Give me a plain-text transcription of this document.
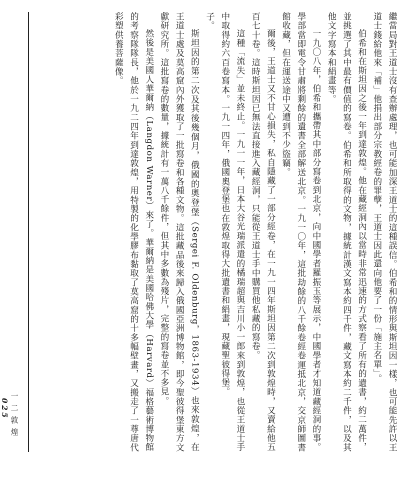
繼當局對王道士沒有查辦處理，也可能加深王道士的這種誤信。伯希和的情形與斯坦因一樣，也可能先許以王道士錢給他來「補」他捐出部分宗教經卷的罪孽，王道士因此還向他要了一份「施主名單」。

伯希和在斯坦因之後一年到達敦煌。他在藏經洞內以當時非常迅速的方式察看了所有的遺書，約二萬件，並挑選了其中最有價值的寫卷。伯希和所取得的文物，據統計漢文寫本約四千件，藏文寫本約二千件，以及其他文字寫本和絹畫等。

一九〇八年，伯希和攜帶其中部分寫卷到北京，向中國學者羅振玉等展示，中國學者才知道藏經洞的事。學部當即電令甘肅將剩餘的遺書全部解送北京。一九一〇年，這批劫餘的八千餘卷經卷運抵北京，交京師圖書館收藏，但在運送途中又遭到不少盜竊。

爾後，王道士又不甘心損失，私自隱藏了一部分經卷，在一九一四年斯坦因第二次到敦煌時，又賣給他五百七十卷。這時斯坦因已無法直接進入藏經洞，只能從王道士手中購買他私藏的寫卷。

這種「流失」並未終止。一九一一年，日本大谷光瑞派遣的橘瑞超與吉川小一郎來到敦煌，也從王道士手中取得約六百卷寫本。一九一四年，俄國奧登堡也在敦煌取得大批遺書和絹畫，現藏聖彼得堡。

子。

斯坦因的第二次及其後幾個月，俄國的奧登堡（Sergei F. Oldenburg，1863-1934）也來敦煌，在王道士處及莫高窟內外獲取了一批寫卷和各種文物。這批藏品後來歸入俄國亞洲博物館，即今聖彼得堡東方文獻研究所。這批寫卷的數量，據統計有一萬八千餘件，但其中多數為殘片，完整的寫卷並不多見。

然後是美國人華爾納（Langdon Warner）來了。華爾納是美國哈佛大學（Harvard）福格藝術博物館的考察隊隊長，他於一九二四年到達敦煌，用特製的化學膠布黏取了莫高窟的十多幅壁畫，又搬走了一尊唐代彩塑供養菩薩像。

一 二 敦 煌
025
